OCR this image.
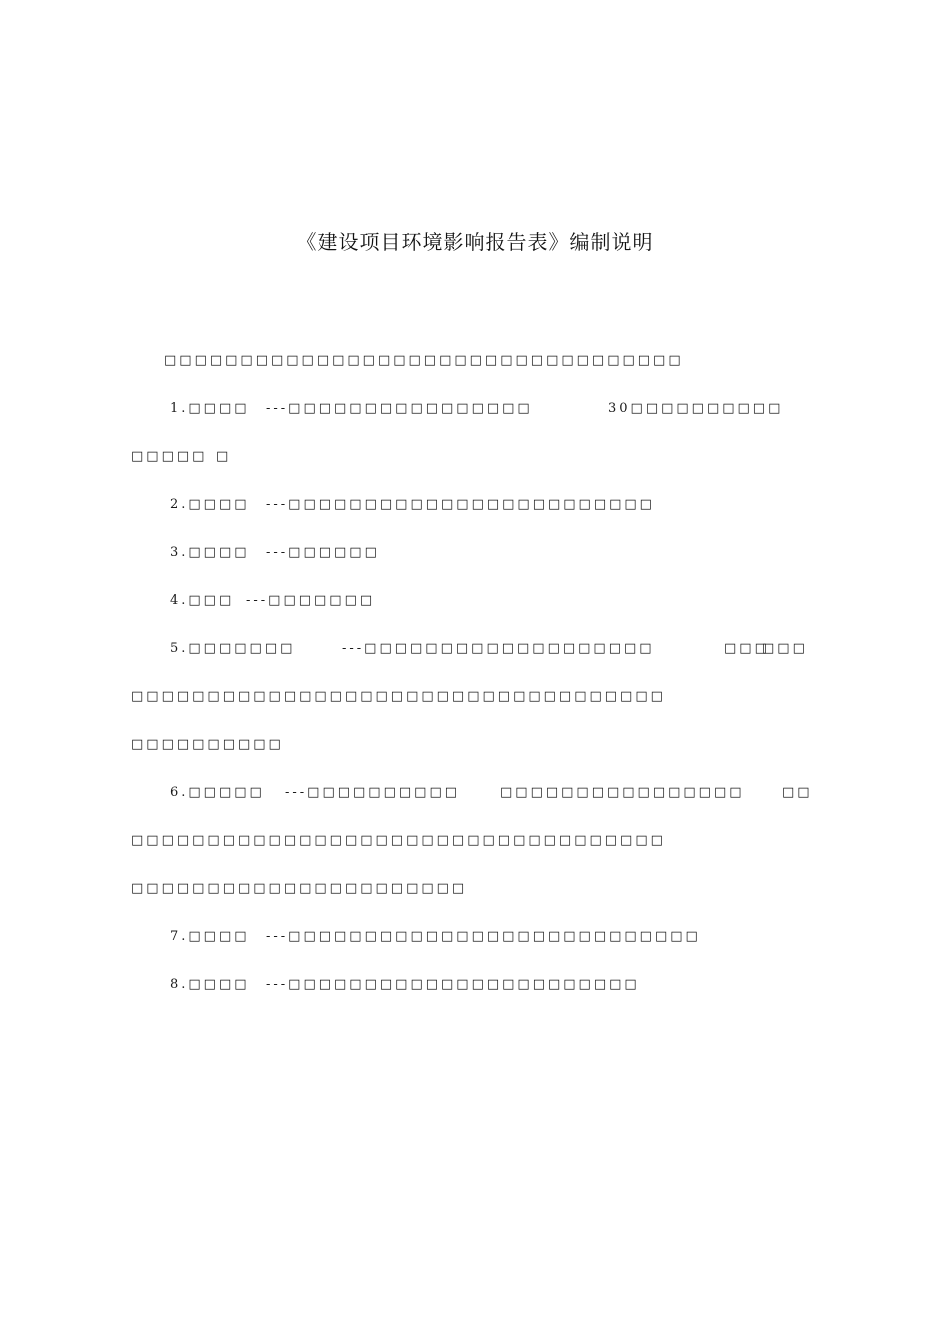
《建设项目环境影响报告表》编制说明
□□□□□□□□□□□□□□□□□□□□□□□□□□□□□□□□□□
1.□□□□ ---□□□□□□□□□□□□□□□□	30□□□□□□□□□□
□□□□□ □
2.□□□□ ---□□□□□□□□□□□□□□□□□□□□□□□□
3.□□□□ ---□□□□□□
4.□□□ ---□□□□□□□
5.□□□□□□□	---□□□□□□□□□□□□□□□□□□□	□□□
□□□
□□□□□□□□□□□□□□□□□□□□□□□□□□□□□□□□□□□
□□□□□□□□□□
6.□□□□□ ---□□□□□□□□□□	□□□□□□□□□□□□□□□□	□□
□□□□□□□□□□□□□□□□□□□□□□□□□□□□□□□□□□□
□□□□□□□□□□□□□□□□□□□□□□
7.□□□□ ---□□□□□□□□□□□□□□□□□□□□□□□□□□□
8.□□□□ ---□□□□□□□□□□□□□□□□□□□□□□□
